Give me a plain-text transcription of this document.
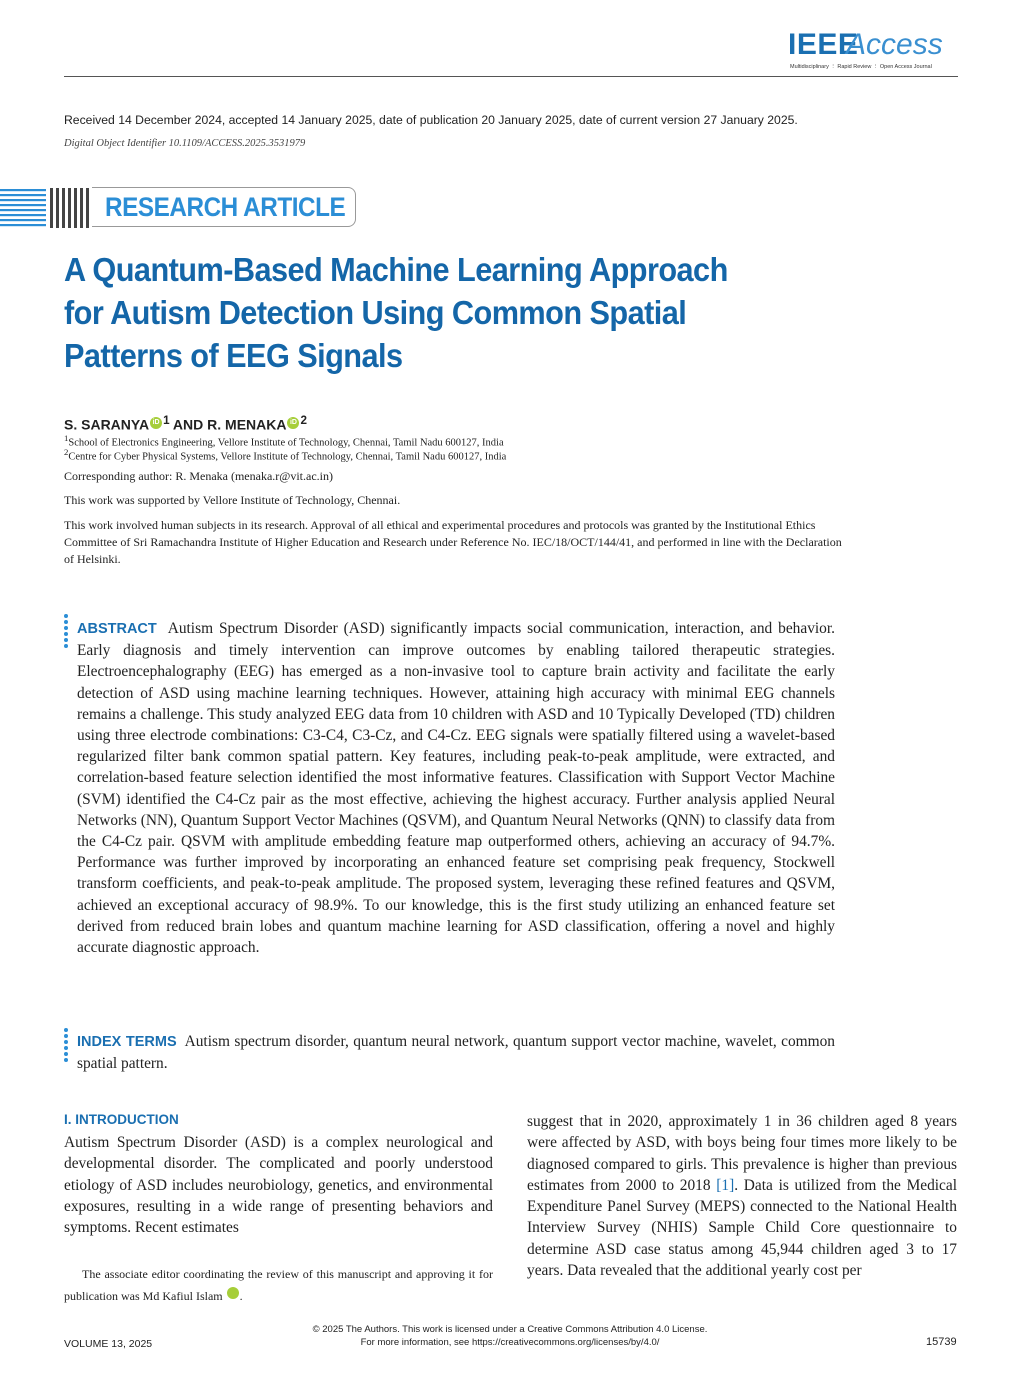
IEEE
Access
Multidisciplinary ⋮ Rapid Review ⋮ Open Access Journal
Received 14 December 2024, accepted 14 January 2025, date of publication 20 January 2025, date of current version 27 January 2025.
Digital Object Identifier 10.1109/ACCESS.2025.3531979
RESEARCH ARTICLE
A Quantum-Based Machine Learning Approach for Autism Detection Using Common Spatial Patterns of EEG Signals
S. SARANYA iD $^1$ AND R. MENAKA iD $^2$
$^1$School of Electronics Engineering, Vellore Institute of Technology, Chennai, Tamil Nadu 600127, India
$^2$Centre for Cyber Physical Systems, Vellore Institute of Technology, Chennai, Tamil Nadu 600127, India
Corresponding author: R. Menaka (menaka.r@vit.ac.in)
This work was supported by Vellore Institute of Technology, Chennai.
This work involved human subjects in its research. Approval of all ethical and experimental procedures and protocols was granted by the Institutional Ethics Committee of Sri Ramachandra Institute of Higher Education and Research under Reference No. IEC/18/OCT/144/41, and performed in line with the Declaration of Helsinki.
ABSTRACT Autism Spectrum Disorder (ASD) significantly impacts social communication, interaction, and behavior. Early diagnosis and timely intervention can improve outcomes by enabling tailored therapeutic strategies. Electroencephalography (EEG) has emerged as a non-invasive tool to capture brain activity and facilitate the early detection of ASD using machine learning techniques. However, attaining high accuracy with minimal EEG channels remains a challenge. This study analyzed EEG data from 10 children with ASD and 10 Typically Developed (TD) children using three electrode combinations: C3-C4, C3-Cz, and C4-Cz. EEG signals were spatially filtered using a wavelet-based regularized filter bank common spatial pattern. Key features, including peak-to-peak amplitude, were extracted, and correlation-based feature selection identified the most informative features. Classification with Support Vector Machine (SVM) identified the C4-Cz pair as the most effective, achieving the highest accuracy. Further analysis applied Neural Networks (NN), Quantum Support Vector Machines (QSVM), and Quantum Neural Networks (QNN) to classify data from the C4-Cz pair. QSVM with amplitude embedding feature map outperformed others, achieving an accuracy of 94.7%. Performance was further improved by incorporating an enhanced feature set comprising peak frequency, Stockwell transform coefficients, and peak-to-peak amplitude. The proposed system, leveraging these refined features and QSVM, achieved an exceptional accuracy of 98.9%. To our knowledge, this is the first study utilizing an enhanced feature set derived from reduced brain lobes and quantum machine learning for ASD classification, offering a novel and highly accurate diagnostic approach.
INDEX TERMS Autism spectrum disorder, quantum neural network, quantum support vector machine, wavelet, common spatial pattern.
I. INTRODUCTION
Autism Spectrum Disorder (ASD) is a complex neurological and developmental disorder. The complicated and poorly understood etiology of ASD includes neurobiology, genetics, and environmental exposures, resulting in a wide range of presenting behaviors and symptoms. Recent estimates
The associate editor coordinating the review of this manuscript and approving it for publication was Md Kafiul Islam	iD.
suggest that in 2020, approximately 1 in 36 children aged 8 years were affected by ASD, with boys being four times more likely to be diagnosed compared to girls. This prevalence is higher than previous estimates from 2000 to 2018 [1]. Data is utilized from the Medical Expenditure Panel Survey (MEPS) connected to the National Health Interview Survey (NHIS) Sample Child Core questionnaire to determine ASD case status among 45,944 children aged 3 to 17 years. Data revealed that the additional yearly cost per
VOLUME 13, 2025
© 2025 The Authors. This work is licensed under a Creative Commons Attribution 4.0 License.
For more information, see https://creativecommons.org/licenses/by/4.0/	15739
